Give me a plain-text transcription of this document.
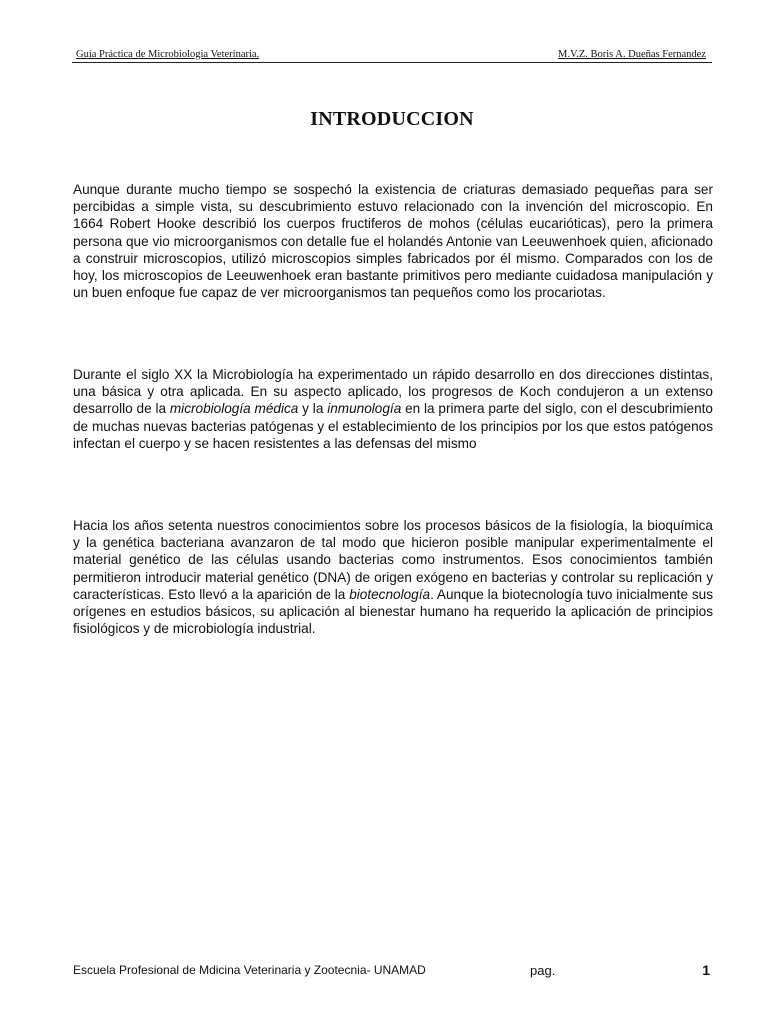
Guía Práctica de Microbiologia Veterinaria.	M.V.Z. Boris A. Dueñas Fernandez
INTRODUCCION

Aunque durante mucho tiempo se sospechó la existencia de criaturas demasiado pequeñas para ser percibidas a simple vista, su descubrimiento estuvo relacionado con la invención del microscopio. En 1664 Robert Hooke describió los cuerpos fructiferos de mohos (células eucarióticas), pero la primera persona que vio microorganismos con detalle fue el holandés Antonie van Leeuwenhoek quien, aficionado a construir microscopios, utilizó microscopios simples fabricados por él mismo. Comparados con los de hoy, los microscopios de Leeuwenhoek eran bastante primitivos pero mediante cuidadosa manipulación y un buen enfoque fue capaz de ver microorganismos tan pequeños como los procariotas.

Durante el siglo XX la Microbiología ha experimentado un rápido desarrollo en dos direcciones distintas, una básica y otra aplicada. En su aspecto aplicado, los progresos de Koch condujeron a un extenso desarrollo de la microbiología médica y la inmunología en la primera parte del siglo, con el descubrimiento de muchas nuevas bacterias patógenas y el establecimiento de los principios por los que estos patógenos infectan el cuerpo y se hacen resistentes a las defensas del mismo

Hacia los años setenta nuestros conocimientos sobre los procesos básicos de la fisiología, la bioquímica y la genética bacteriana avanzaron de tal modo que hicieron posible manipular experimentalmente el material genético de las células usando bacterias como instrumentos. Esos conocimientos también permitieron introducir material genético (DNA) de origen exógeno en bacterias y controlar su replicación y características. Esto llevó a la aparición de la biotecnología. Aunque la biotecnología tuvo inicialmente sus orígenes en estudios básicos, su aplicación al bienestar humano ha requerido la aplicación de principios fisiológicos y de microbiología industrial.

Escuela Profesional de Mdicina Veterinaria y Zootecnia- UNAMAD	pag.	1
